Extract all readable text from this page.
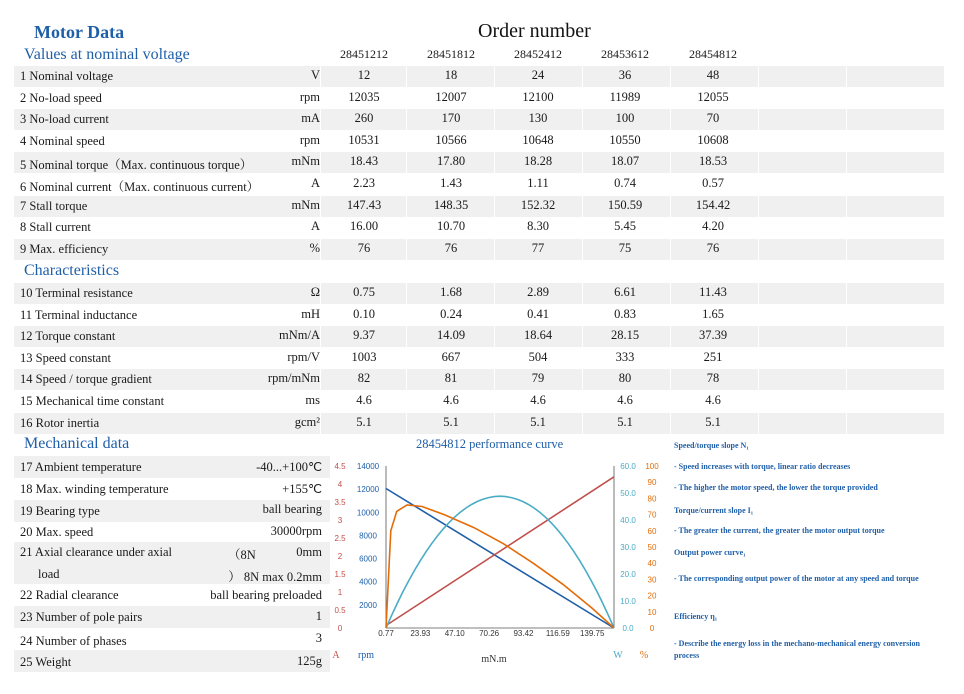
Motor Data	Order number
Values at nominal voltage
Characteristics
Mechanical data
28451212	28451812	28452412	28453612	28454812
1 Nominal voltage	V	12	18	24	36	48
2 No-load speed	rpm	12035	12007	12100	11989	12055
3 No-load current	mA	260	170	130	100	70
4 Nominal speed	rpm	10531	10566	10648	10550	10608
5 Nominal torque（Max. continuous torque）	mNm	18.43	17.80	18.28	18.07	18.53
6 Nominal current（Max. continuous current）	A	2.23	1.43	1.11	0.74	0.57
7 Stall torque	mNm	147.43	148.35	152.32	150.59	154.42
8 Stall current	A	16.00	10.70	8.30	5.45	4.20
9 Max. efficiency	%	76	76	77	75	76
10 Terminal resistance	Ω	0.75	1.68	2.89	6.61	11.43
11 Terminal inductance	mH	0.10	0.24	0.41	0.83	1.65
12 Torque constant	mNm/A	9.37	14.09	18.64	28.15	37.39
13 Speed constant	rpm/V	1003	667	504	333	251
14 Speed / torque gradient	rpm/mNm	82	81	79	80	78
15 Mechanical time constant	ms	4.6	4.6	4.6	4.6	4.6
16 Rotor inertia	gcm²	5.1	5.1	5.1	5.1	5.1
17 Ambient temperature	-40...+100℃
18 Max. winding temperature	+155℃
19 Bearing type	ball bearing
20 Max. speed	30000rpm
21 Axial clearance under axial	（8N	0mm
load	） 8N max 0.2mm
22 Radial clearance	ball bearing preloaded
23 Number of pole pairs	1
24 Number of phases	3
25 Weight	125g
28454812 performance curve
0
0.5
1
1.5
2
2.5
3
3.5
4
4.5
2000
4000
6000
8000
10000
12000
14000
0.0
10.0
20.0
30.0
40.0
50.0
60.0
0
10
20
30
40
50
60
70
80
90
100
0.77 23.93 47.10 70.26 93.42 116.59 139.75
A rpm	mN.m	W %
Speed/torque slope N₁
- Speed increases with torque, linear ratio decreases
- The higher the motor speed, the lower the torque provided
Torque/current slope I₁
- The greater the current, the greater the motor output torque
Output power curve₁
- The corresponding output power of the motor at any speed and torque
Efficiency η₁
- Describe the energy loss in the mechano-mechanical energy conversion process
